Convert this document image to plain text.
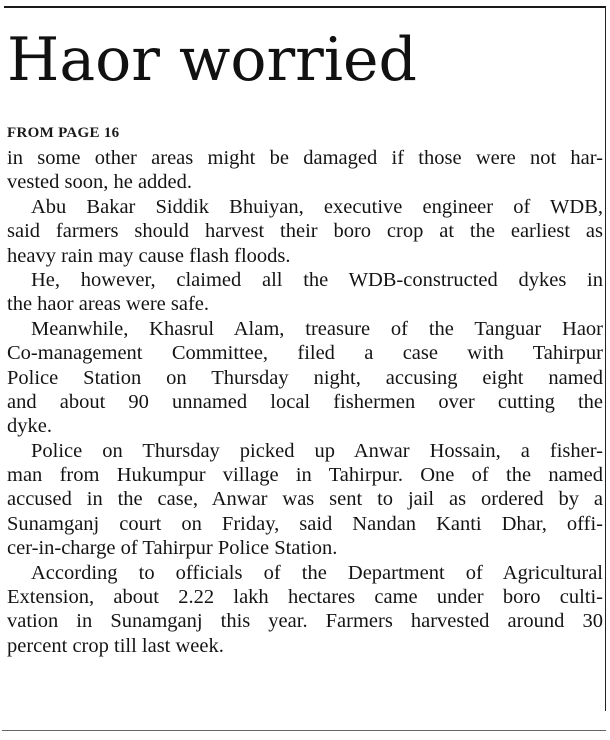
Haor worried
FROM PAGE 16
in some other areas might be damaged if those were not har-
vested soon, he added.
Abu Bakar Siddik Bhuiyan, executive engineer of WDB,
said farmers should harvest their boro crop at the earliest as
heavy rain may cause flash floods.
He, however, claimed all the WDB-constructed dykes in
the haor areas were safe.
Meanwhile, Khasrul Alam, treasure of the Tanguar Haor
Co-management Committee, filed a case with Tahirpur
Police Station on Thursday night, accusing eight named
and about 90 unnamed local fishermen over cutting the
dyke.
Police on Thursday picked up Anwar Hossain, a fisher-
man from Hukumpur village in Tahirpur. One of the named
accused in the case, Anwar was sent to jail as ordered by a
Sunamganj court on Friday, said Nandan Kanti Dhar, offi-
cer-in-charge of Tahirpur Police Station.
According to officials of the Department of Agricultural
Extension, about 2.22 lakh hectares came under boro culti-
vation in Sunamganj this year. Farmers harvested around 30
percent crop till last week.
